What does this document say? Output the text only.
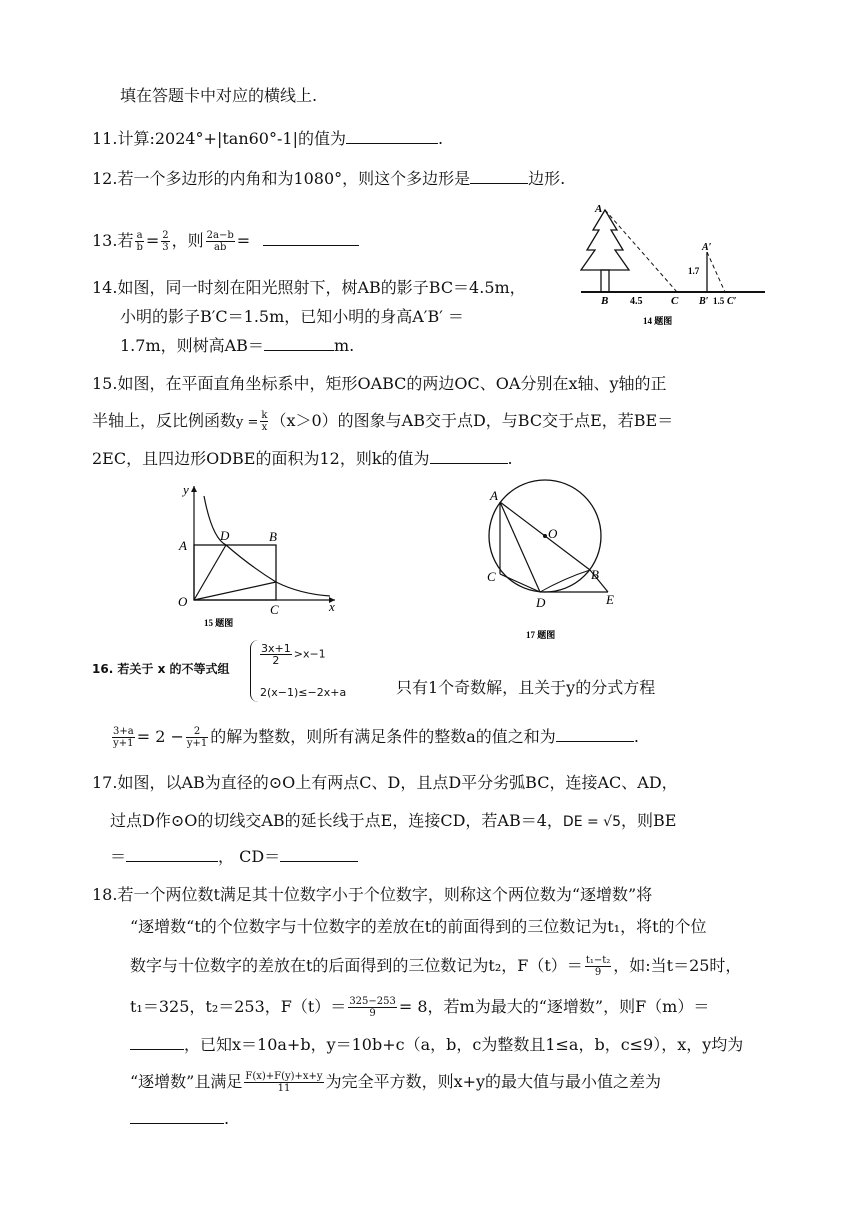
填在答题卡中对应的横线上.
11.计算:2024°+|tan60°-1|的值为	.
12.若一个多边形的内角和为1080°，则这个多边形是	边形.
13.若 $\frac{a}{b} = \frac{2}{3}$ ，则 $\frac{2a-b}{ab}$ =
14.如图，同一时刻在阳光照射下，树AB的影子BC＝4.5m，
小明的影子B′C＝1.5m，已知小明的身高A′B′ ＝
1.7m，则树高AB＝	m.
A
B 4.5	C
A′
1.7
B′ 1.5 C′
14 题图
15.如图，在平面直角坐标系中，矩形OABC的两边OC、OA分别在x轴、y轴的正
半轴上，反比例函数$y = \frac{k}{x} (x>0)$的图象与AB交于点D，与BC交于点E，若BE＝
2EC，且四边形ODBE的面积为12，则k的值为	.
y
x
A
D	B
O
C
15 题图
A
O
C	B
D	E
17 题图
16. 若关于 x 的不等式组
$\frac{3x+1}{2} >x-1$
2(x−1)≤−2x+a	只有1个奇数解，且关于y的分式方程
$\frac{3+a}{y+1} = 2 - \frac{2}{y+1}$ 的解为整数，则所有满足条件的整数a的值之和为	.
17.如图，以AB为直径的⊙O上有两点C、D，且点D平分劣弧BC，连接AC、AD，
过点D作⊙O的切线交AB的延长线于点E，连接CD，若AB＝4，DE = √5，则BE
＝	， CD＝
18.若一个两位数t满足其十位数字小于个位数字，则称这个两位数为“逐增数”将
“逐增数“t的个位数字与十位数字的差放在t的前面得到的三位数记为t₁，将t的个位
数字与十位数字的差放在t的后面得到的三位数记为t₂，$F(t)= \frac{\text{t₁−t₂}}{9}$ ，如:当t＝25时，
t₁＝325，t₂＝253，$F(t)= \frac{325-253}{9} = 8$，若m为最大的“逐增数”，则F（m）＝
，已知x＝10a+b，y＝10b+c（a，b，c为整数且1≤a，b，c≤9），x，y均为
“逐增数”且满足 $\frac{F(x)+F(y)+x+y}{11}$ 为完全平方数，则x+y的最大值与最小值之差为
.
